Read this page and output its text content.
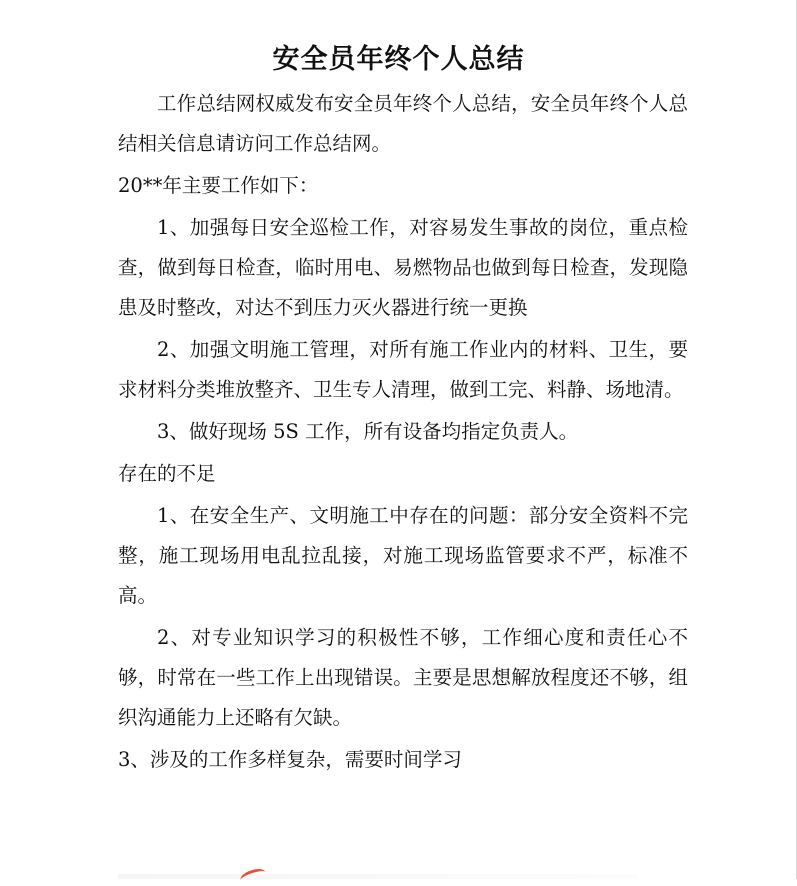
安全员年终个人总结

工作总结网权威发布安全员年终个人总结，安全员年终个人总结相关信息请访问工作总结网。

20**年主要工作如下：

1、加强每日安全巡检工作，对容易发生事故的岗位，重点检查，做到每日检查，临时用电、易燃物品也做到每日检查，发现隐患及时整改，对达不到压力灭火器进行统一更换

2、加强文明施工管理，对所有施工作业内的材料、卫生，要求材料分类堆放整齐、卫生专人清理，做到工完、料静、场地清。

3、做好现场 5S 工作，所有设备均指定负责人。

存在的不足

1、在安全生产、文明施工中存在的问题：部分安全资料不完整，施工现场用电乱拉乱接，对施工现场监管要求不严，标准不高。

2、对专业知识学习的积极性不够，工作细心度和责任心不够，时常在一些工作上出现错误。主要是思想解放程度还不够，组织沟通能力上还略有欠缺。

3、涉及的工作多样复杂，需要时间学习
